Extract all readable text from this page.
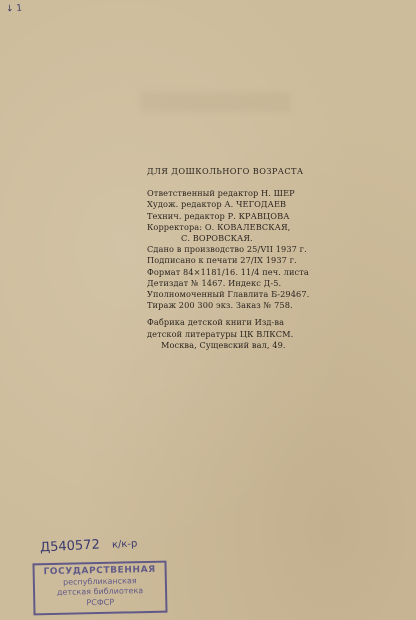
↓ 1
ДЛЯ ДОШКОЛЬНОГО ВОЗРАСТА
Ответственный редактор Н. ШЕР
Худож. редактор А. ЧЕГОДАЕВ
Технич. редактор Р. КРАВЦОВА
Корректора: О. КОВАЛЕВСКАЯ,
С. ВОРОВСКАЯ.
Сдано в производство 25/VII 1937 г.
Подписано к печати 27/IX 1937 г.
Формат 84×1181/16. 11/4 печ. листа
Детиздат № 1467. Индекс Д-5.
Уполномоченный Главлита Б-29467.
Тираж 200 300 экз. Заказ № 758.
Фабрика детской книги Изд-ва
детской литературы ЦК ВЛКСМ.
Москва, Сущевский вал, 49.
Д540572 к/к-р
ГОСУДАРСТВЕННАЯ
республиканская
детская библиотека
РСФСР
